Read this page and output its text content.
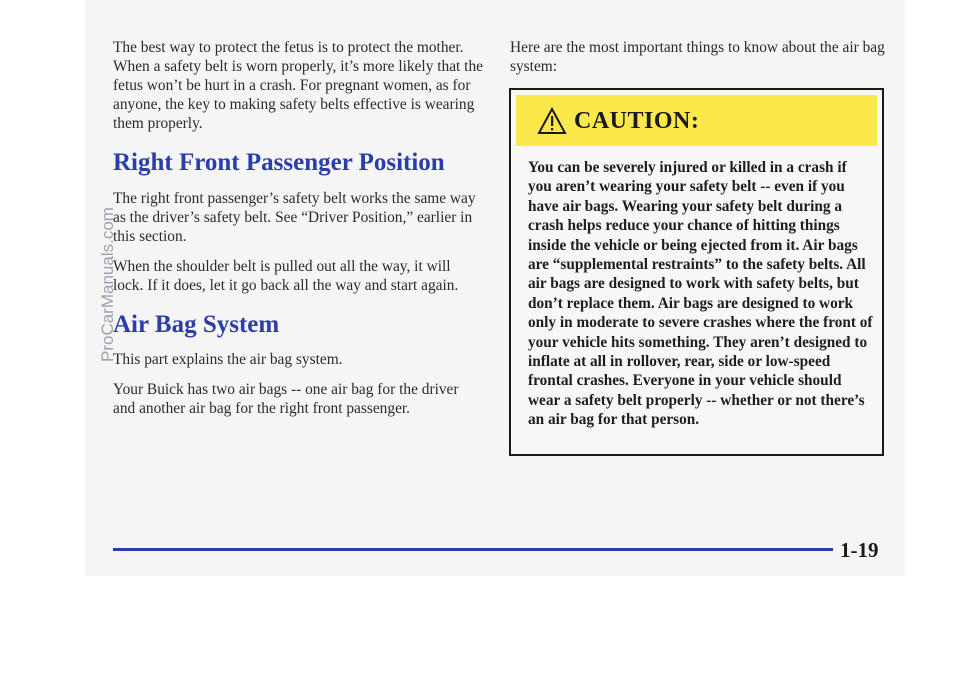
The best way to protect the fetus is to protect the mother. When a safety belt is worn properly, it’s more likely that the fetus won’t be hurt in a crash. For pregnant women, as for anyone, the key to making safety belts effective is wearing them properly.

Right Front Passenger Position

The right front passenger’s safety belt works the same way as the driver’s safety belt. See “Driver Position,” earlier in this section.

When the shoulder belt is pulled out all the way, it will lock. If it does, let it go back all the way and start again.

Air Bag System

This part explains the air bag system.

Your Buick has two air bags -- one air bag for the driver and another air bag for the right front passenger.

Here are the most important things to know about the air bag system:

CAUTION:
You can be severely injured or killed in a crash if you aren’t wearing your safety belt -- even if you have air bags. Wearing your safety belt during a crash helps reduce your chance of hitting things inside the vehicle or being ejected from it. Air bags are “supplemental restraints” to the safety belts. All air bags are designed to work with safety belts, but don’t replace them. Air bags are designed to work only in moderate to severe crashes where the front of your vehicle hits something. They aren’t designed to inflate at all in rollover, rear, side or low-speed frontal crashes. Everyone in your vehicle should wear a safety belt properly -- whether or not there’s an air bag for that person.
1-19
ProCarManuals.com
